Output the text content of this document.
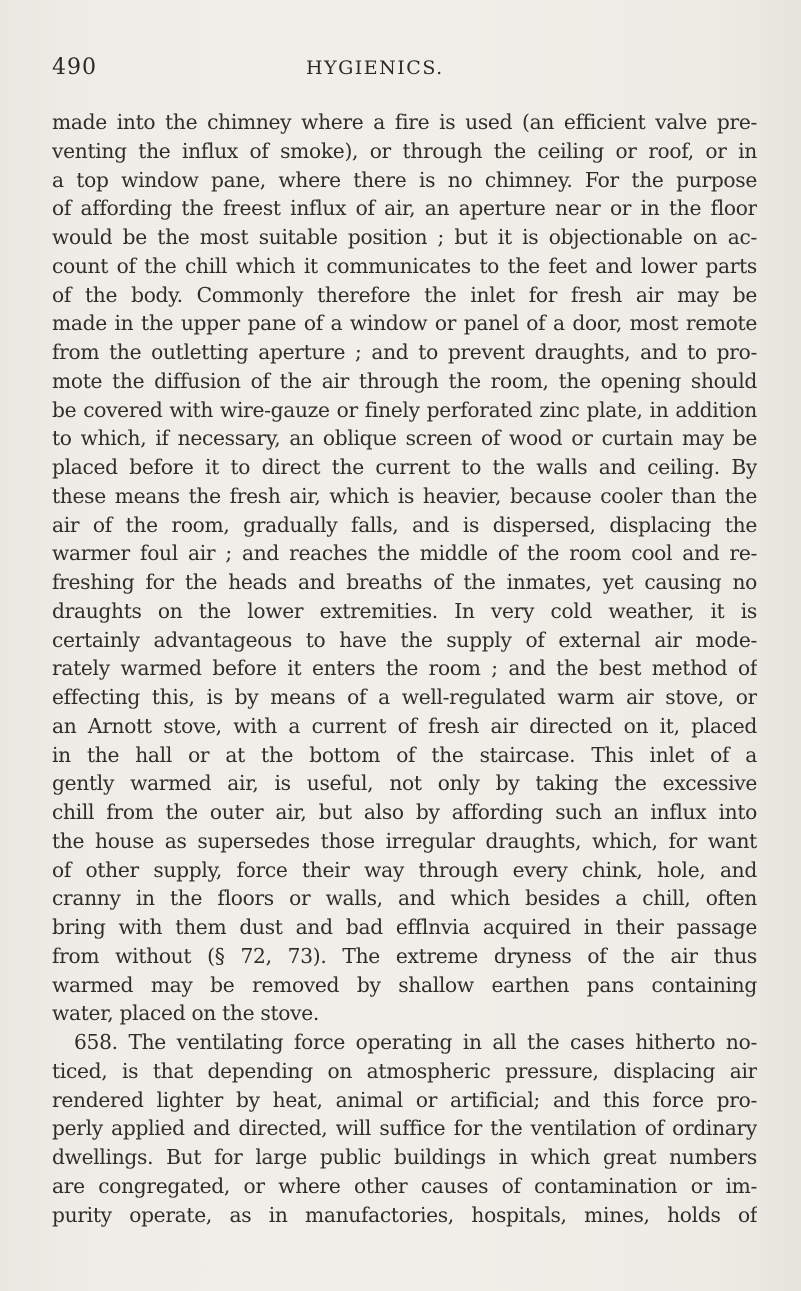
490	HYGIENICS.
made into the chimney where a fire is used (an efficient valve pre-
venting the influx of smoke), or through the ceiling or roof, or in
a top window pane, where there is no chimney. For the purpose
of affording the freest influx of air, an aperture near or in the floor
would be the most suitable position ; but it is objectionable on ac-
count of the chill which it communicates to the feet and lower parts
of the body. Commonly therefore the inlet for fresh air may be
made in the upper pane of a window or panel of a door, most remote
from the outletting aperture ; and to prevent draughts, and to pro-
mote the diffusion of the air through the room, the opening should
be covered with wire-gauze or finely perforated zinc plate, in addition
to which, if necessary, an oblique screen of wood or curtain may be
placed before it to direct the current to the walls and ceiling. By
these means the fresh air, which is heavier, because cooler than the
air of the room, gradually falls, and is dispersed, displacing the
warmer foul air ; and reaches the middle of the room cool and re-
freshing for the heads and breaths of the inmates, yet causing no
draughts on the lower extremities. In very cold weather, it is
certainly advantageous to have the supply of external air mode-
rately warmed before it enters the room ; and the best method of
effecting this, is by means of a well-regulated warm air stove, or
an Arnott stove, with a current of fresh air directed on it, placed
in the hall or at the bottom of the staircase. This inlet of a
gently warmed air, is useful, not only by taking the excessive
chill from the outer air, but also by affording such an influx into
the house as supersedes those irregular draughts, which, for want
of other supply, force their way through every chink, hole, and
cranny in the floors or walls, and which besides a chill, often
bring with them dust and bad efflnvia acquired in their passage
from without (§ 72, 73). The extreme dryness of the air thus
warmed may be removed by shallow earthen pans containing
water, placed on the stove.
658. The ventilating force operating in all the cases hitherto no-
ticed, is that depending on atmospheric pressure, displacing air
rendered lighter by heat, animal or artificial; and this force pro-
perly applied and directed, will suffice for the ventilation of ordinary
dwellings. But for large public buildings in which great numbers
are congregated, or where other causes of contamination or im-
purity operate, as in manufactories, hospitals, mines, holds of
